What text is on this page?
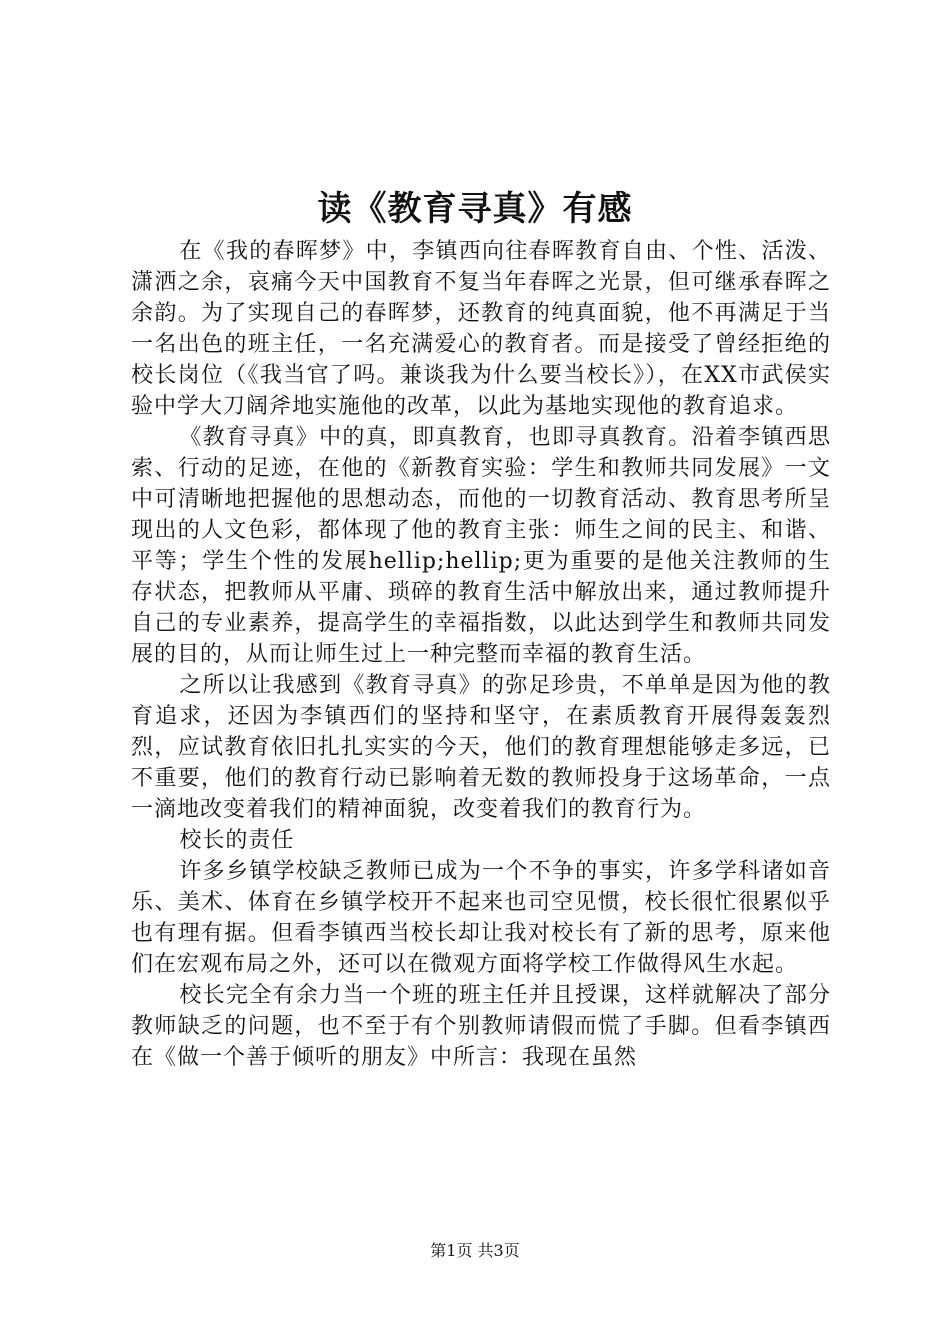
读《教育寻真》有感

在《我的春晖梦》中，李镇西向往春晖教育自由、个性、活泼、潇洒之余，哀痛今天中国教育不复当年春晖之光景，但可继承春晖之余韵。为了实现自己的春晖梦，还教育的纯真面貌，他不再满足于当一名出色的班主任，一名充满爱心的教育者。而是接受了曾经拒绝的校长岗位（《我当官了吗。兼谈我为什么要当校长》），在XX市武侯实验中学大刀阔斧地实施他的改革，以此为基地实现他的教育追求。

《教育寻真》中的真，即真教育，也即寻真教育。沿着李镇西思索、行动的足迹，在他的《新教育实验：学生和教师共同发展》一文中可清晰地把握他的思想动态，而他的一切教育活动、教育思考所呈现出的人文色彩，都体现了他的教育主张：师生之间的民主、和谐、平等；学生个性的发展hellip;hellip;更为重要的是他关注教师的生存状态，把教师从平庸、琐碎的教育生活中解放出来，通过教师提升自己的专业素养，提高学生的幸福指数，以此达到学生和教师共同发展的目的，从而让师生过上一种完整而幸福的教育生活。

之所以让我感到《教育寻真》的弥足珍贵，不单单是因为他的教育追求，还因为李镇西们的坚持和坚守，在素质教育开展得轰轰烈烈，应试教育依旧扎扎实实的今天，他们的教育理想能够走多远，已不重要，他们的教育行动已影响着无数的教师投身于这场革命，一点一滴地改变着我们的精神面貌，改变着我们的教育行为。

校长的责任

许多乡镇学校缺乏教师已成为一个不争的事实，许多学科诸如音乐、美术、体育在乡镇学校开不起来也司空见惯，校长很忙很累似乎也有理有据。但看李镇西当校长却让我对校长有了新的思考，原来他们在宏观布局之外，还可以在微观方面将学校工作做得风生水起。

校长完全有余力当一个班的班主任并且授课，这样就解决了部分教师缺乏的问题，也不至于有个别教师请假而慌了手脚。但看李镇西在《做一个善于倾听的朋友》中所言：我现在虽然

第1页 共3页
